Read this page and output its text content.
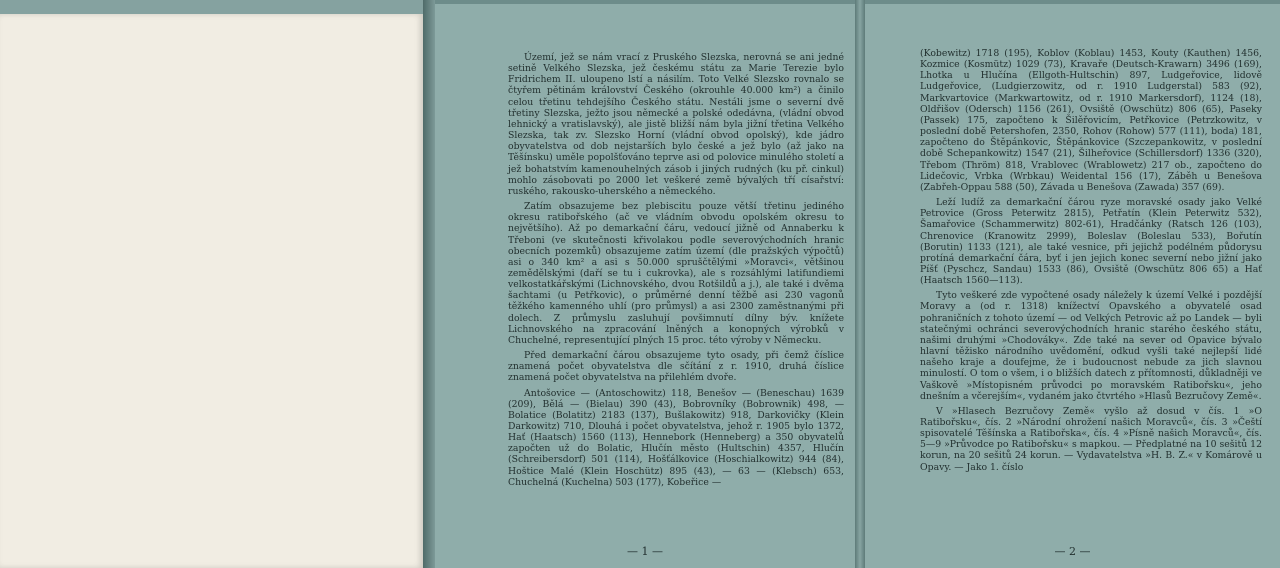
Území, jež se nám vrací z Pruského Slezska, nerovná se ani jedné setině Velkého Slezska, jež českému státu za Marie Terezie bylo Fridrichem II. uloupeno lstí a násilím. Toto Velké Slezsko rovnalo se čtyřem pětinám království Českého (okrouhle 40.000 km²) a činilo celou třetinu tehdejšího Českého státu. Nestáli jsme o severní dvě třetiny Slezska, ježto jsou německé a polské odedávna, (vládní obvod lehnický a vratislavský), ale jistě bližší nám byla jižní třetina Velkého Slezska, tak zv. Slezsko Horní (vládní obvod opolský), kde jádro obyvatelstva od dob nejstarších bylo české a jež bylo (až jako na Těšínsku) uměle popolšťováno teprve asi od polovice minulého století a jež bohatstvím kamenouhelných zásob i jiných rudných (ku př. cinkul) mohlo zásobovati po 2000 let veškeré země bývalých tří císařství: ruského, rakousko-uherského a německého.

Zatím obsazujeme bez plebiscitu pouze větší třetinu jediného okresu ratibořského (ač ve vládním obvodu opolském okresu to největšího). Až po demarkační čáru, vedoucí jižně od Annaberku k Třeboni (ve skutečnosti křivolakou podle severovýchodních hranic obecních pozemků) obsazujeme zatím území (dle pražských výpočtů) asi o 340 km² a asi s 50.000 spruščtělými »Moravci«, většinou zemědělskými (daří se tu i cukrovka), ale s rozsáhlými latifundiemi velkostatkářskými (Lichnovského, dvou Rotšildů a j.), ale také i dvěma šachtami (u Petřkovic), o průměrné denní těžbě asi 230 vagonů těžkého kamenného uhlí (pro průmysl) a asi 2300 zaměstnanými při dolech. Z průmyslu zasluhují povšimnutí dílny býv. knížete Lichnovského na zpracování lněných a konopných výrobků v Chuchelné, representující plných 15 proc. této výroby v Německu.

Před demarkační čárou obsazujeme tyto osady, při čemž číslice znamená počet obyvatelstva dle sčítání z r. 1910, druhá číslice znamená počet obyvatelstva na přilehlém dvoře.

Antošovice — (Antoschowitz) 118, Benešov — (Beneschau) 1639 (209), Bělá — (Bielau) 390 (43), Bobrovníky (Bobrownik) 498, — Bolatice (Bolatitz) 2183 (137), Bušlakowitz) 918, Darkovičky (Klein Darkowitz) 710, Dlouhá i počet obyvatelstva, jehož r. 1905 bylo 1372, Hať (Haatsch) 1560 (113), Hennebork (Henneberg) a 350 obyvatelů započten už do Bolatic, Hlučín město (Hultschin) 4357, Hlučín (Schreibersdorf) 501 (114), Hošťálkovice (Hoschialkowitz) 944 (84), Hoštice Malé (Klein Hoschütz) 895 (43), — 63 — (Klebsch) 653, Chuchelná (Kuchelna) 503 (177), Kobeřice —

— 1 —

(Kobewitz) 1718 (195), Koblov (Koblau) 1453, Kouty (Kauthen) 1456, Kozmice (Kosmütz) 1029 (73), Kravaře (Deutsch-Krawarn) 3496 (169), Lhotka u Hlučína (Ellgoth-Hultschin) 897, Ludgeřovice, lidově Ludgeřovice, (Ludgierzowitz, od r. 1910 Ludgerstal) 583 (92), Markvartovice (Markwartowitz, od r. 1910 Markersdorf), 1124 (18), Oldřišov (Odersch) 1156 (261), Ovsiště (Owschütz) 806 (65), Paseky (Passek) 175, započteno k Šilěřovicím, Petřkovice (Petrzkowitz, v poslední době Petershofen, 2350, Rohov (Rohow) 577 (111), boda) 181, započteno do Štěpánkovic, Štěpánkovice (Szczepankowitz, v poslední době Schepankowitz) 1547 (21), Šilheřovice (Schillersdorf) 1336 (320), Třebom (Thröm) 818, Vrablovec (Wrablowetz) 217 ob., započteno do Lidečovic, Vrbka (Wrbkau) Weidental 156 (17), Záběh u Benešova (Zabřeh-Oppau 588 (50), Závada u Benešova (Zawada) 357 (69).

Leží ludíž za demarkační čárou ryze moravské osady jako Velké Petrovice (Gross Peterwitz 2815), Petřatín (Klein Peterwitz 532), Šamařovice (Schammerwitz) 802-61), Hradčánky (Ratsch 126 (103), Chrenovice (Kranowitz 2999), Boleslav (Boleslau 533), Bořutín (Borutin) 1133 (121), ale také vesnice, při jejichž podélném půdorysu protíná demarkační čára, byť i jen jejich konec severní nebo jižní jako Píšť (Pyschcz, Sandau) 1533 (86), Ovsiště (Owschütz 806 65) a Hať (Haatsch 1560—113).

Tyto veškeré zde vypočtené osady náležely k území Velké i pozdější Moravy a (od r. 1318) knížectví Opavského a obyvatelé osad pohraničních z tohoto území — od Velkých Petrovic až po Landek — byli statečnými ochránci severovýchodních hranic starého českého státu, našimi druhými »Chodováky«. Zde také na sever od Opavice bývalo hlavní těžisko národního uvědomění, odkud vyšli také nejlepší lidé našeho kraje a doufejme, že i budoucnost nebude za jich slavnou minulostí. O tom o všem, i o bližších datech z přítomnosti, důkladněji ve Vaškově »Místopisném průvodci po moravském Ratibořsku«, jeho dnešním a včerejším«, vydaném jako čtvrtého »Hlasů Bezručovy Země«.

V »Hlasech Bezručovy Země« vyšlo až dosud v čís. 1 »O Ratibořsku«, čís. 2 »Národní ohrožení našich Moravců«, čís. 3 »Čeští spisovatelé Těšínska a Ratibořska«, čís. 4 »Písně našich Moravců«, čís. 5—9 »Průvodce po Ratibořsku« s mapkou. — Předplatné na 10 sešitů 12 korun, na 20 sešitů 24 korun. — Vydavatelstva »H. B. Z.« v Komárově u Opavy. — Jako 1. číslo

— 2 —
